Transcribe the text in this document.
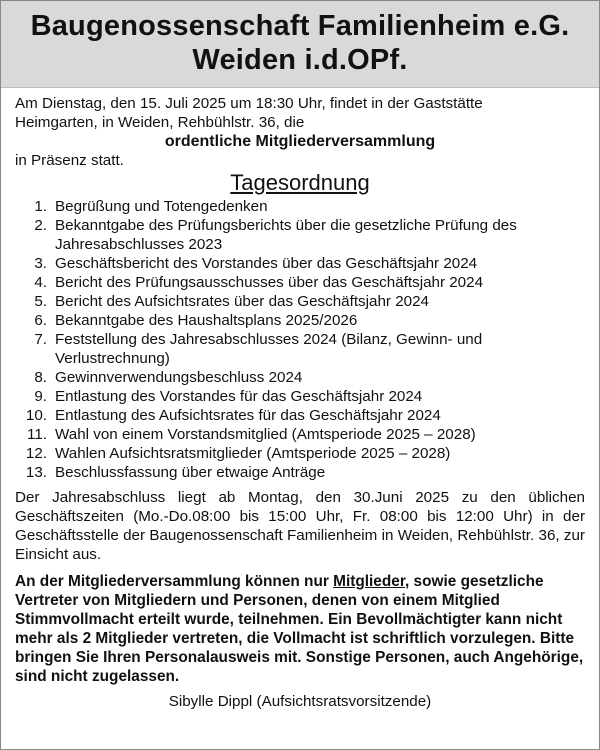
Baugenossenschaft Familienheim e.G.
Weiden i.d.OPf.

Am Dienstag, den 15. Juli 2025 um 18:30 Uhr, findet in der Gaststätte

Heimgarten, in Weiden, Rehbühlstr. 36, die

ordentliche Mitgliederversammlung

in Präsenz statt.

Tagesordnung
1. Begrüßung und Totengedenken
2. Bekanntgabe des Prüfungsberichts über die gesetzliche Prüfung des Jahresabschlusses 2023
3. Geschäftsbericht des Vorstandes über das Geschäftsjahr 2024
4. Bericht des Prüfungsausschusses über das Geschäftsjahr 2024
5. Bericht des Aufsichtsrates über das Geschäftsjahr 2024
6. Bekanntgabe des Haushaltsplans 2025/2026
7. Feststellung des Jahresabschlusses 2024 (Bilanz, Gewinn- und Verlustrechnung)
8. Gewinnverwendungsbeschluss 2024
9. Entlastung des Vorstandes für das Geschäftsjahr 2024
10. Entlastung des Aufsichtsrates für das Geschäftsjahr 2024
11. Wahl von einem Vorstandsmitglied (Amtsperiode 2025 – 2028)
12. Wahlen Aufsichtsratsmitglieder (Amtsperiode 2025 – 2028)
13. Beschlussfassung über etwaige Anträge

Der Jahresabschluss liegt ab Montag, den 30.Juni 2025 zu den üblichen Geschäftszeiten (Mo.-Do.08:00 bis 15:00 Uhr, Fr. 08:00 bis 12:00 Uhr) in der Geschäftsstelle der Baugenossenschaft Familienheim in Weiden, Rehbühlstr. 36, zur Einsicht aus.

An der Mitgliederversammlung können nur Mitglieder, sowie gesetzliche Vertreter von Mitgliedern und Personen, denen von einem Mitglied Stimmvollmacht erteilt wurde, teilnehmen. Ein Bevollmächtigter kann nicht mehr als 2 Mitglieder vertreten, die Vollmacht ist schriftlich vorzulegen. Bitte bringen Sie Ihren Personalausweis mit. Sonstige Personen, auch Angehörige, sind nicht zugelassen.

Sibylle Dippl (Aufsichtsratsvorsitzende)
